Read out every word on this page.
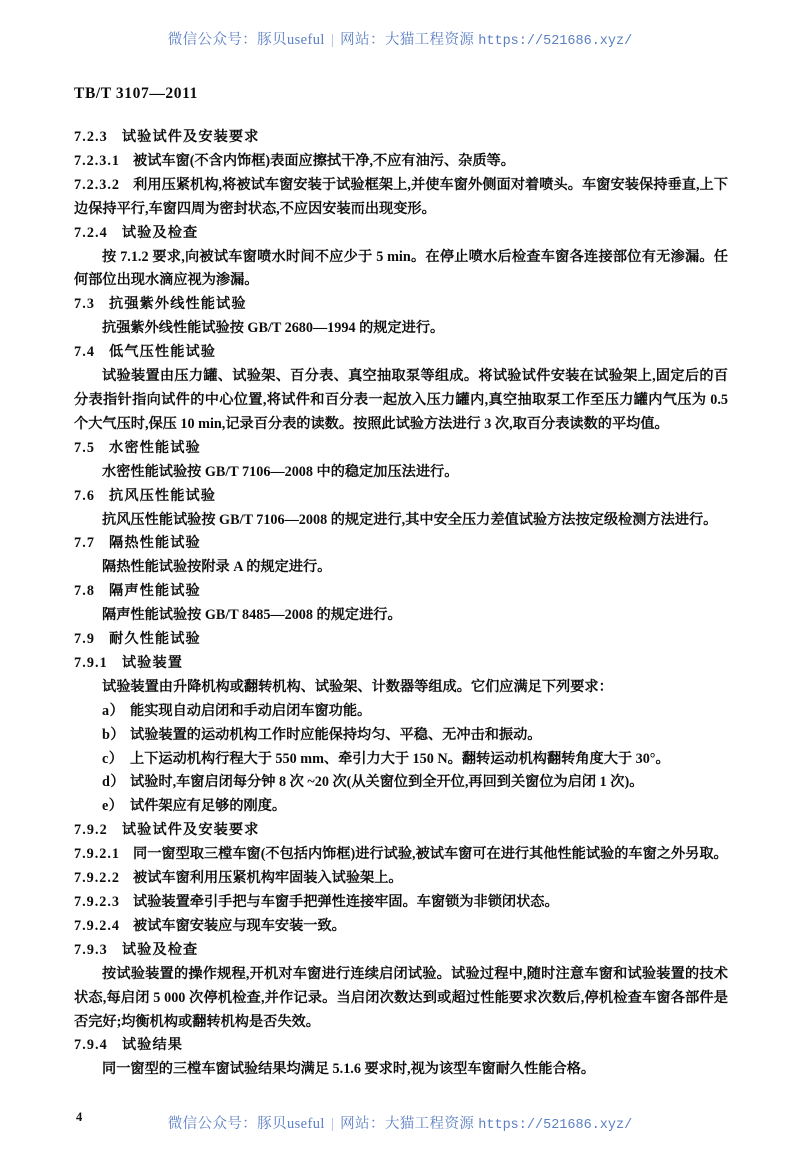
微信公众号：豚贝useful | 网站：大猫工程资源 https://521686.xyz/
TB/T 3107—2011
7.2.3 试验试件及安装要求
7.2.3.1 被试车窗(不含内饰框)表面应擦拭干净,不应有油污、杂质等。
7.2.3.2 利用压紧机构,将被试车窗安装于试验框架上,并使车窗外侧面对着喷头。车窗安装保持垂直,上下边保持平行,车窗四周为密封状态,不应因安装而出现变形。
7.2.4 试验及检查
按 7.1.2 要求,向被试车窗喷水时间不应少于 5 min。在停止喷水后检查车窗各连接部位有无渗漏。任何部位出现水滴应视为渗漏。
7.3 抗强紫外线性能试验
抗强紫外线性能试验按 GB/T 2680—1994 的规定进行。
7.4 低气压性能试验
试验装置由压力罐、试验架、百分表、真空抽取泵等组成。将试验试件安装在试验架上,固定后的百分表指针指向试件的中心位置,将试件和百分表一起放入压力罐内,真空抽取泵工作至压力罐内气压为 0.5 个大气压时,保压 10 min,记录百分表的读数。按照此试验方法进行 3 次,取百分表读数的平均值。
7.5 水密性能试验
水密性能试验按 GB/T 7106—2008 中的稳定加压法进行。
7.6 抗风压性能试验
抗风压性能试验按 GB/T 7106—2008 的规定进行,其中安全压力差值试验方法按定级检测方法进行。
7.7 隔热性能试验
隔热性能试验按附录 A 的规定进行。
7.8 隔声性能试验
隔声性能试验按 GB/T 8485—2008 的规定进行。
7.9 耐久性能试验
7.9.1 试验装置
试验装置由升降机构或翻转机构、试验架、计数器等组成。它们应满足下列要求：
a） 能实现自动启闭和手动启闭车窗功能。
b） 试验装置的运动机构工作时应能保持均匀、平稳、无冲击和振动。
c） 上下运动机构行程大于 550 mm、牵引力大于 150 N。翻转运动机构翻转角度大于 30°。
d） 试验时,车窗启闭每分钟 8 次 ~20 次(从关窗位到全开位,再回到关窗位为启闭 1 次)。
e） 试件架应有足够的刚度。
7.9.2 试验试件及安装要求
7.9.2.1 同一窗型取三樘车窗(不包括内饰框)进行试验,被试车窗可在进行其他性能试验的车窗之外另取。
7.9.2.2 被试车窗利用压紧机构牢固装入试验架上。
7.9.2.3 试验装置牵引手把与车窗手把弹性连接牢固。车窗锁为非锁闭状态。
7.9.2.4 被试车窗安装应与现车安装一致。
7.9.3 试验及检查
按试验装置的操作规程,开机对车窗进行连续启闭试验。试验过程中,随时注意车窗和试验装置的技术状态,每启闭 5 000 次停机检查,并作记录。当启闭次数达到或超过性能要求次数后,停机检查车窗各部件是否完好;均衡机构或翻转机构是否失效。
7.9.4 试验结果
同一窗型的三樘车窗试验结果均满足 5.1.6 要求时,视为该型车窗耐久性能合格。
4	微信公众号：豚贝useful | 网站：大猫工程资源 https://521686.xyz/
